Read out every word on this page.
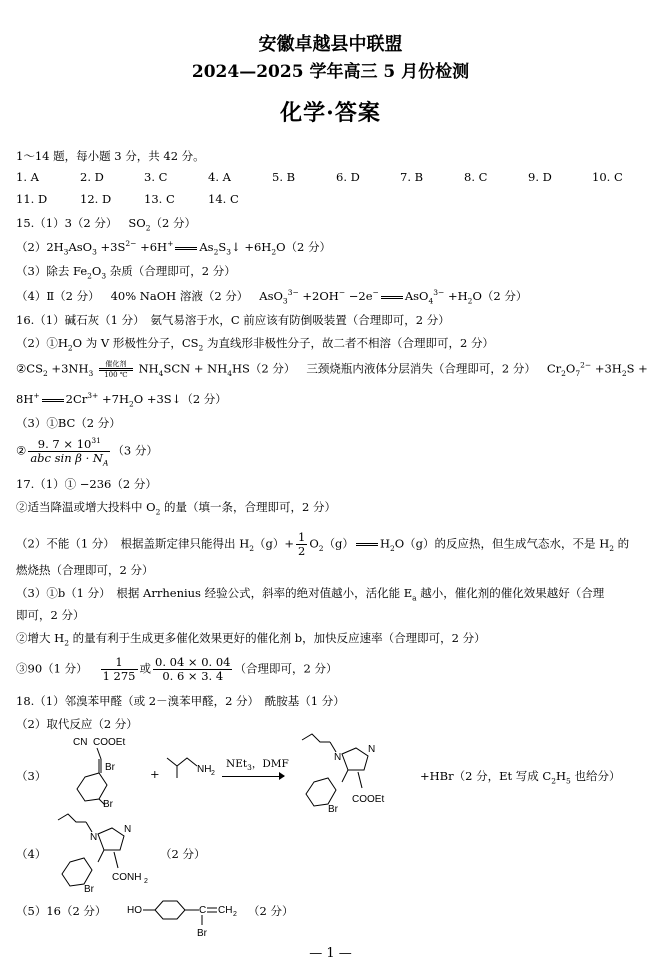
安徽卓越县中联盟
2024—2025 学年高三 5 月份检测
化学·答案
1～14 题，每小题 3 分，共 42 分。
1. A	2. D	3. C	4. A	5. B	6. D	7. B	8. C	9. D	10. C
11. D	12. D	13. C	14. C
15.（1）3（2 分） $SO_2(2$ 分）
$(2)2H_3AsO_3 +3S^{2-} +6H^+$ $As_2S_3↓ +6H_2O(2$ 分）
（3）除去 $Fe_2O_3$ 杂质（合理即可，2 分）
（4）Ⅱ（2 分） 40% NaOH 溶液（2 分） AsO$_3^{3-}$ +2OH− −2e− $AsO_4^{3-} +H_2O(2$ 分）
16.（1）碱石灰（1 分）　氨气易溶于水，C 前应该有防倒吸装置（合理即可，2 分）
$(2)①H_2O$ 为 V 形极性分子，$CS_2$ 为直线形非极性分子，故二者不相溶（合理即可，2 分）
$②CS_2 +3NH_3$
催化剂
100 ℃ $NH_4SCN + NH_4HS(2$ 分） 三颈烧瓶内液体分层消失（合理即可，2 分） $Cr_2O_7^{2-} +3H_2S$ +
8H+ $2Cr^{3+} +7H_2O$ +3S↓（2 分）
（3）①BC（2 分）
② $\frac{9. 7 \times 10^{31}}{abc \sin \beta \cdot N_A} (3$ 分）
17.（1）① −236（2 分）
②适当降温或增大投料中 $O_2$ 的量（填一条，合理即可，2 分）
（2）不能（1 分）　根据盖斯定律只能得出 $H_2(g)+ \frac{1}{2} O_2(g)$ $H_2O(g)$的反应热，但生成气态水，不是 $H_2$ 的
燃烧热（合理即可，2 分）
（3）①b（1 分）　根据 Arrhenius 经验公式，斜率的绝对值越小，活化能 $E_a$ 越小，催化剂的催化效果越好（合理
即可，2 分）
②增大 $H_2$ 的量有利于生成更多催化效果更好的催化剂 b，加快反应速率（合理即可，2 分）
③90（1 分） $\frac{1}{1 275}$ 或 $\frac{0. 04 \times 0. 04}{0. 6 \times 3. 4}$ （合理即可，2 分）
18.（1）邻溴苯甲醛（或 2－溴苯甲醛，2 分）　酰胺基（1 分）
（2）取代反应（2 分）
（3）
CN COOEt
Br
Br
+	NH 2
NEt$_3$，DMF
N
N
Br
COOEt
+HBr（2 分，Et 写成 $C_2H_5$ 也给分）
（4）
N
N
Br
CONH 2
（2 分）
（5）16（2 分） HO	C CH 2
Br
（2 分）
— 1 —
